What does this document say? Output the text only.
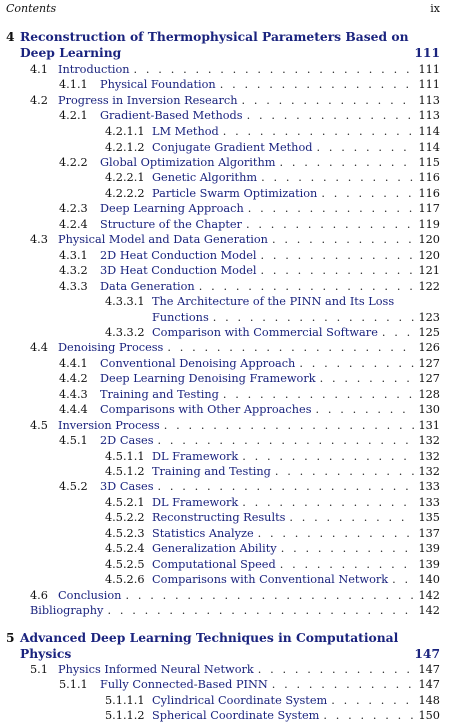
Contents	ix
4 Reconstruction of Thermophysical Parameters Based on
Deep Learning	111
4.1 Introduction . . .	111
4.1.1 Physical Foundation . . .	111
4.2 Progress in Inversion Research . . .	113
4.2.1 Gradient-Based Methods . . .	113
4.2.1.1 LM Method . . .	114
4.2.1.2 Conjugate Gradient Method . . .	114
4.2.2 Global Optimization Algorithm . . .	115
4.2.2.1 Genetic Algorithm . . .	116
4.2.2.2 Particle Swarm Optimization . . .	116
4.2.3 Deep Learning Approach . . .	117
4.2.4 Structure of the Chapter . . .	119
4.3 Physical Model and Data Generation . . .	120
4.3.1 2D Heat Conduction Model . . .	120
4.3.2 3D Heat Conduction Model . . .	121
4.3.3 Data Generation . . .	122
4.3.3.1 The Architecture of the PINN and Its Loss
Functions . . .	123
4.3.3.2 Comparison with Commercial Software . . .	125
4.4 Denoising Process . . .	126
4.4.1 Conventional Denoising Approach . . .	127
4.4.2 Deep Learning Denoising Framework . . .	127
4.4.3 Training and Testing . . .	128
4.4.4 Comparisons with Other Approaches . . .	130
4.5 Inversion Process . . .	131
4.5.1 2D Cases . . .	132
4.5.1.1 DL Framework . . .	132
4.5.1.2 Training and Testing . . .	132
4.5.2 3D Cases . . .	133
4.5.2.1 DL Framework . . .	133
4.5.2.2 Reconstructing Results . . .	135
4.5.2.3 Statistics Analyze . . .	137
4.5.2.4 Generalization Ability . . .	139
4.5.2.5 Computational Speed . . .	139
4.5.2.6 Comparisons with Conventional Network . . .	140
4.6 Conclusion . . .	142
Bibliography . . .	142
5 Advanced Deep Learning Techniques in Computational
Physics	147
5.1 Physics Informed Neural Network . . .	147
5.1.1 Fully Connected-Based PINN . . .	147
5.1.1.1 Cylindrical Coordinate System . . .	148
5.1.1.2 Spherical Coordinate System . . .	150
